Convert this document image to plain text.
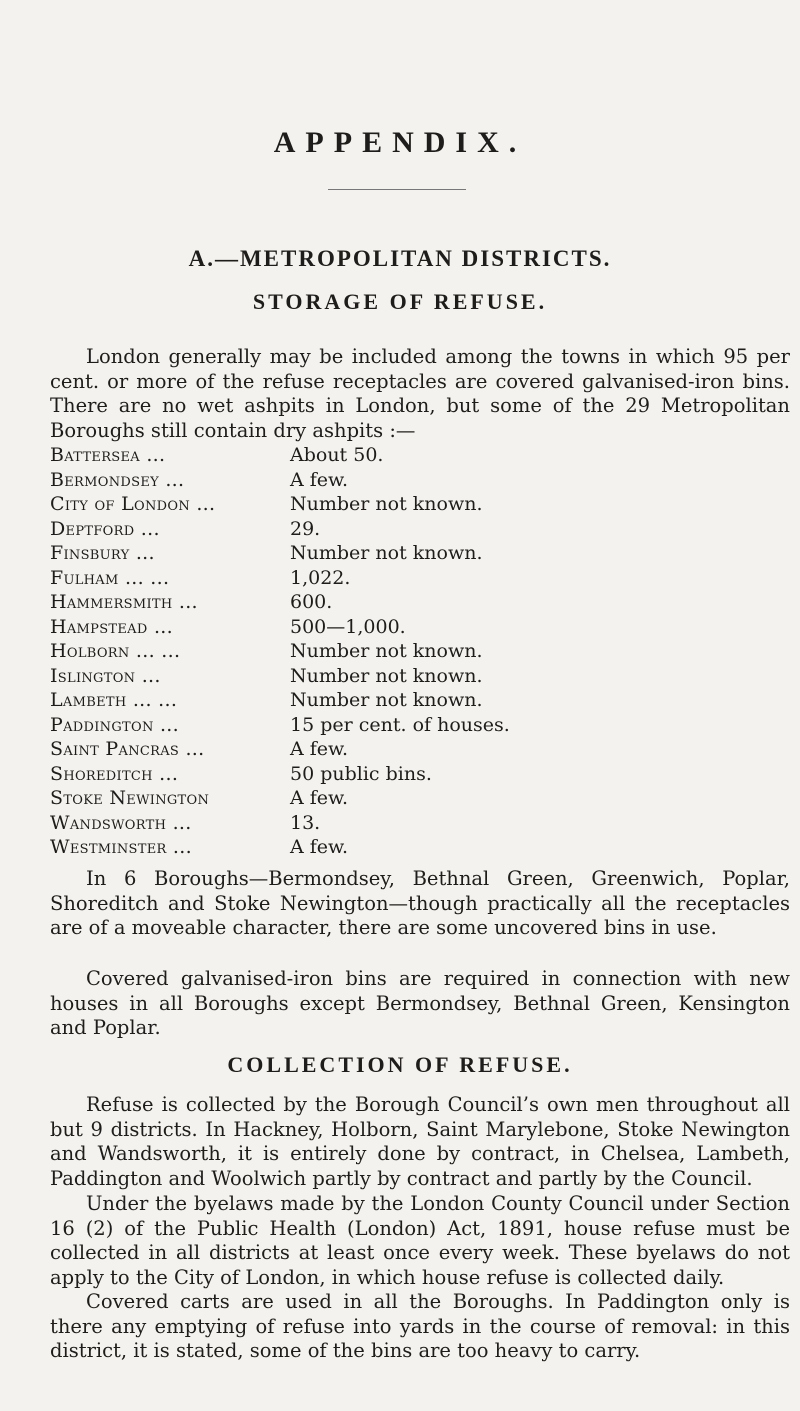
APPENDIX.
A.—METROPOLITAN DISTRICTS.
STORAGE OF REFUSE.

London generally may be included among the towns in which 95 per cent. or more of the refuse receptacles are covered galvanised-iron bins. There are no wet ashpits in London, but some of the 29 Metropolitan Boroughs still contain dry ashpits :—

Battersea ...	About 50.
Bermondsey ...	A few.
City of London ...	Number not known.
Deptford ...	29.
Finsbury ...	Number not known.
Fulham ... ...	1,022.
Hammersmith ...	600.
Hampstead ...	500—1,000.
Holborn ... ...	Number not known.
Islington ...	Number not known.
Lambeth ... ...	Number not known.
Paddington ...	15 per cent. of houses.
Saint Pancras ...	A few.
Shoreditch ...	50 public bins.
Stoke Newington	A few.
Wandsworth ...	13.
Westminster ...	A few.

In 6 Boroughs—Bermondsey, Bethnal Green, Greenwich, Poplar, Shoreditch and Stoke Newington—though practically all the receptacles are of a moveable character, there are some uncovered bins in use.

Covered galvanised-iron bins are required in connection with new houses in all Boroughs except Bermondsey, Bethnal Green, Kensington and Poplar.

COLLECTION OF REFUSE.

Refuse is collected by the Borough Council’s own men throughout all but 9 districts. In Hackney, Holborn, Saint Marylebone, Stoke Newington and Wandsworth, it is entirely done by contract, in Chelsea, Lambeth, Paddington and Woolwich partly by contract and partly by the Council.

Under the byelaws made by the London County Council under Section 16 (2) of the Public Health (London) Act, 1891, house refuse must be collected in all districts at least once every week. These byelaws do not apply to the City of London, in which house refuse is collected daily.

Covered carts are used in all the Boroughs. In Paddington only is there any emptying of refuse into yards in the course of removal: in this district, it is stated, some of the bins are too heavy to carry.
